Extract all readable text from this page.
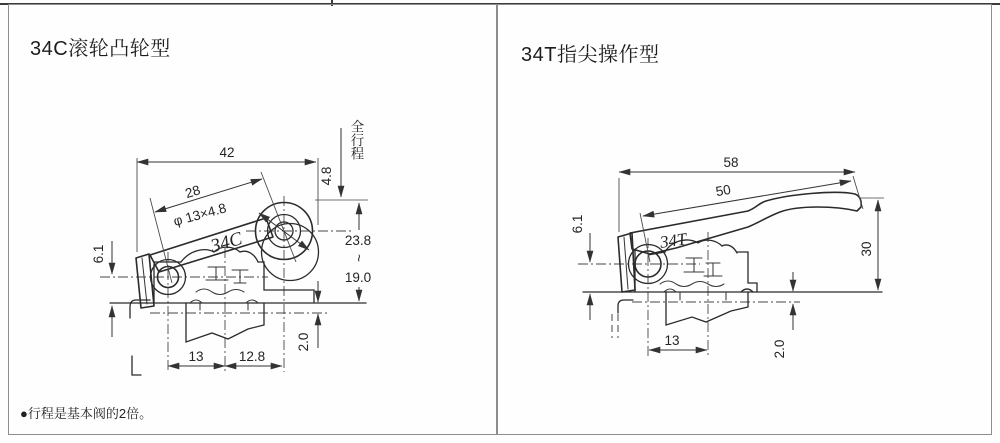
34C滚轮凸轮型	34T指尖操作型
●行程是基本阀的2倍。
42
28
φ 13×4.8
34C
4.8
全行程
23.8
~
19.0
6.1
2.0
13	12.8
58
50
34T
6.1
30
2.0
13
